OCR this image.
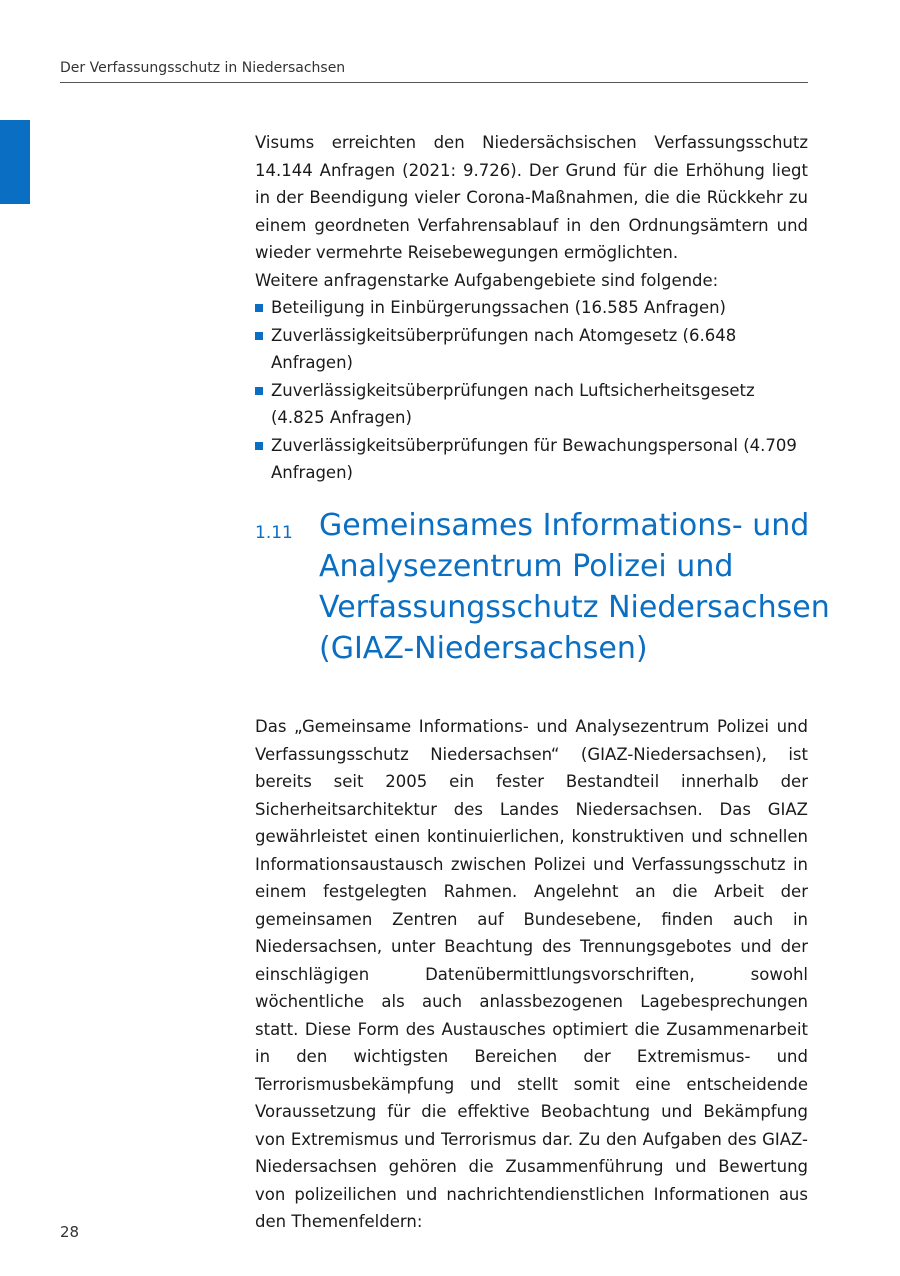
Der Verfassungsschutz in Niedersachsen

Visums erreichten den Niedersächsischen Verfassungsschutz 14.144 Anfragen (2021: 9.726). Der Grund für die Erhöhung liegt in der Beendigung vieler Corona-Maßnahmen, die die Rückkehr zu einem geordneten Verfahrensablauf in den Ordnungsämtern und wieder vermehrte Reisebewegungen ermöglichten.

Weitere anfragenstarke Aufgabengebiete sind folgende:

Beteiligung in Einbürgerungssachen (16.585 Anfragen)
Zuverlässigkeitsüberprüfungen nach Atomgesetz (6.648 Anfragen)
Zuverlässigkeitsüberprüfungen nach Luftsicherheitsgesetz (4.825 Anfragen)
Zuverlässigkeitsüberprüfungen für Bewachungspersonal (4.709 Anfragen)
1.11 Gemeinsames Informations- und
Analysezentrum Polizei und
Verfassungsschutz Niedersachsen
(GIAZ-Niedersachsen)

Das „Gemeinsame Informations- und Analysezentrum Polizei und Verfassungsschutz Niedersachsen“ (GIAZ-Niedersachsen), ist bereits seit 2005 ein fester Bestandteil innerhalb der Sicherheitsarchitektur des Landes Niedersachsen. Das GIAZ gewährleistet einen kontinuierlichen, konstruktiven und schnellen Informationsaustausch zwischen Polizei und Verfassungsschutz in einem festgelegten Rahmen. Angelehnt an die Arbeit der gemeinsamen Zentren auf Bundesebene, finden auch in Niedersachsen, unter Beachtung des Trennungsgebotes und der einschlägigen Datenübermittlungsvorschriften, sowohl wöchentliche als auch anlassbezogenen Lagebesprechungen statt. Diese Form des Austausches optimiert die Zusammenarbeit in den wichtigsten Bereichen der Extremismus- und Terrorismusbekämpfung und stellt somit eine entscheidende Voraussetzung für die effektive Beobachtung und Bekämpfung von Extremismus und Terrorismus dar. Zu den Aufgaben des GIAZ-Niedersachsen gehören die Zusammenführung und Bewertung von polizeilichen und nachrichtendienstlichen Informationen aus den Themenfeldern:

28
